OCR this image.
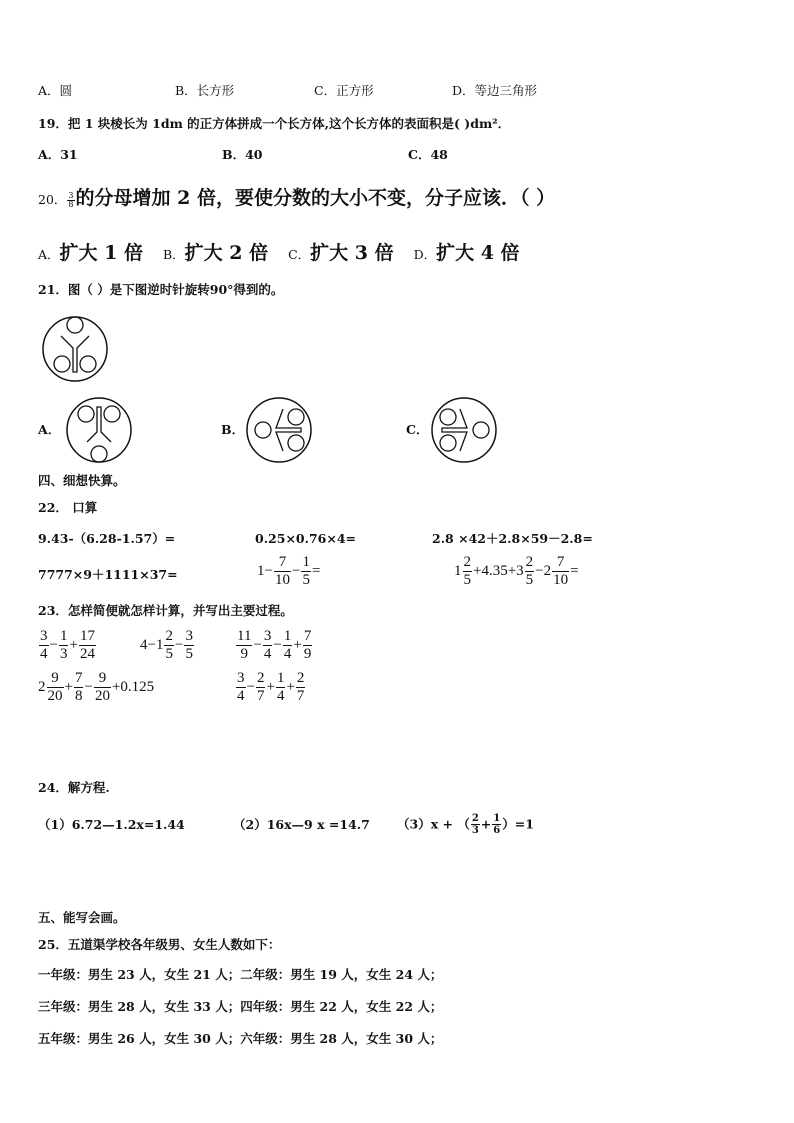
A．圆	B．长方形	C．正方形	D．等边三角形
19．把 1 块棱长为 1dm 的正方体拼成一个长方体,这个长方体的表面积是( )dm²．
A．31	B．40	C．48
20． $\frac{3}{8}$ 的分母增加 2 倍，要使分数的大小不变，分子应该．（ ）
A．扩大 1 倍 B．扩大 2 倍 C．扩大 3 倍 D．扩大 4 倍
21．图（ ）是下图逆时针旋转90°得到的。
A．	B．	C．
四、细想快算。
22． 口算
9.43-（6.28-1.57）=	0.25×0.76×4=	2.8 ×42＋2.8×59－2.8=
7777×9＋1111×37=	$1- \frac{7}{10} - \frac{1}{5}$ =	$1 \frac{2}{5} +4.35+3 \frac{2}{5} -2 \frac{7}{10}$ =
23．怎样简便就怎样计算，并写出主要过程。
$\frac{3}{4} - \frac{1}{3} + \frac{17}{24}$	$4-1 \frac{2}{5} - \frac{3}{5}$	$\frac{11}{9} - \frac{3}{4} - \frac{1}{4} + \frac{7}{9}$
$2 \frac{9}{20} + \frac{7}{8} - \frac{9}{20} +0.125$	$\frac{3}{4} - \frac{2}{7} + \frac{1}{4} + \frac{2}{7}$
24．解方程.
（1）6.72—1.2x=1.44	（2）16x—9 x =14.7 （3）x + （ $\frac{2}{3} + \frac{1}{6} )=1$
五、能写会画。
25．五道渠学校各年级男、女生人数如下：
一年级：男生 23 人，女生 21 人；二年级：男生 19 人，女生 24 人；
三年级：男生 28 人，女生 33 人；四年级：男生 22 人，女生 22 人；
五年级：男生 26 人，女生 30 人；六年级：男生 28 人，女生 30 人；
